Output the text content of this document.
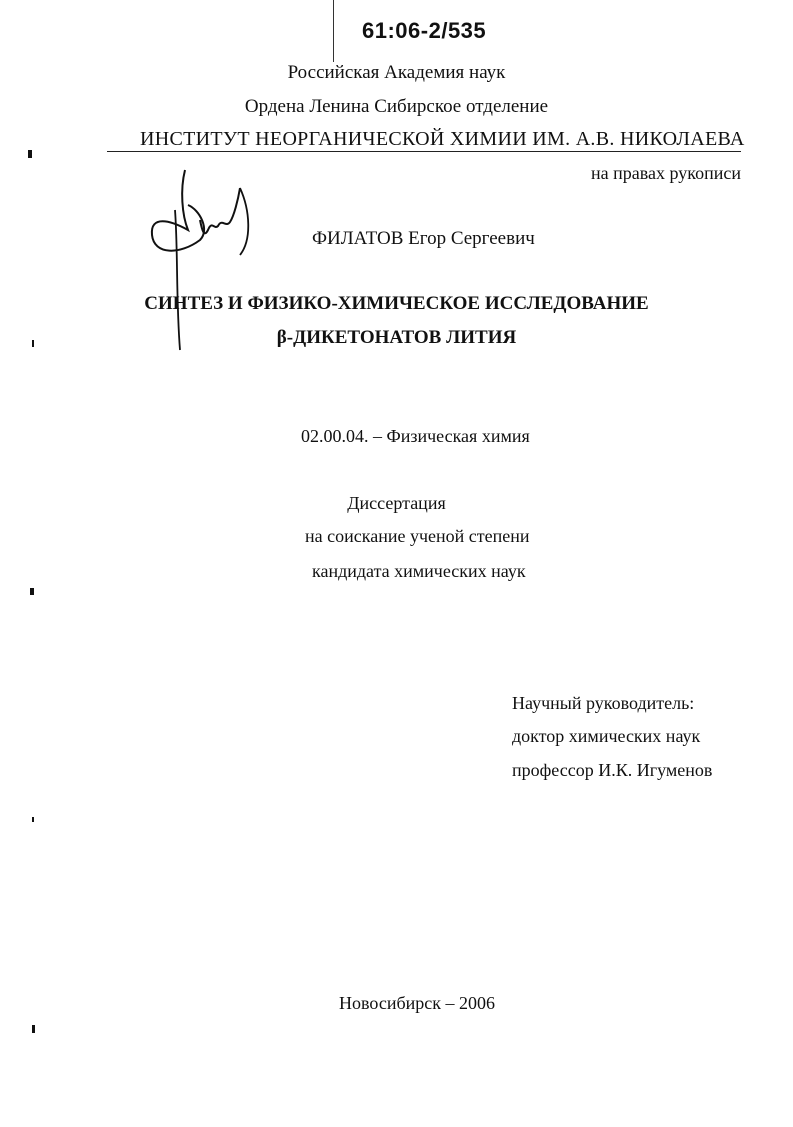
61:06-2/535
Российская Академия наук
Ордена Ленина Сибирское отделение
ИНСТИТУТ НЕОРГАНИЧЕСКОЙ ХИМИИ ИМ. А.В. НИКОЛАЕВА
на правах рукописи
ФИЛАТОВ Егор Сергеевич
СИНТЕЗ И ФИЗИКО-ХИМИЧЕСКОЕ ИССЛЕДОВАНИЕ
β-ДИКЕТОНАТОВ ЛИТИЯ
02.00.04. – Физическая химия
Диссертация
на соискание ученой степени
кандидата химических наук
Научный руководитель:
доктор химических наук
профессор И.К. Игуменов
Новосибирск – 2006
